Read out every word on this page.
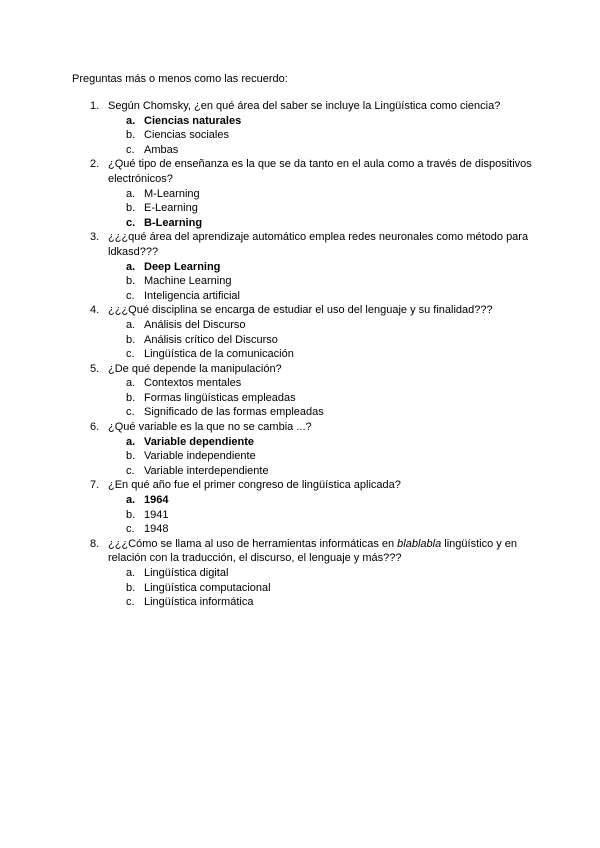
Preguntas más o menos como las recuerdo:
1. Según Chomsky, ¿en qué área del saber se incluye la Lingüística como ciencia?
a. Ciencias naturales
b. Ciencias sociales
c. Ambas
2. ¿Qué tipo de enseñanza es la que se da tanto en el aula como a través de dispositivos electrónicos?
a. M-Learning
b. E-Learning
c. B-Learning
3. ¿¿¿qué área del aprendizaje automático emplea redes neuronales como método para ldkasd???
a. Deep Learning
b. Machine Learning
c. Inteligencia artificial
4. ¿¿¿Qué disciplina se encarga de estudiar el uso del lenguaje y su finalidad???
a. Análisis del Discurso
b. Análisis crítico del Discurso
c. Lingüística de la comunicación
5. ¿De qué depende la manipulación?
a. Contextos mentales
b. Formas lingüísticas empleadas
c. Significado de las formas empleadas
6. ¿Qué variable es la que no se cambia ...?
a. Variable dependiente
b. Variable independiente
c. Variable interdependiente
7. ¿En qué año fue el primer congreso de lingüística aplicada?
a. 1964
b. 1941
c. 1948
8. ¿¿¿Cómo se llama al uso de herramientas informáticas en blablabla lingüístico y en relación con la traducción, el discurso, el lenguaje y más???
a. Lingüística digital
b. Lingüística computacional
c. Lingüística informática
